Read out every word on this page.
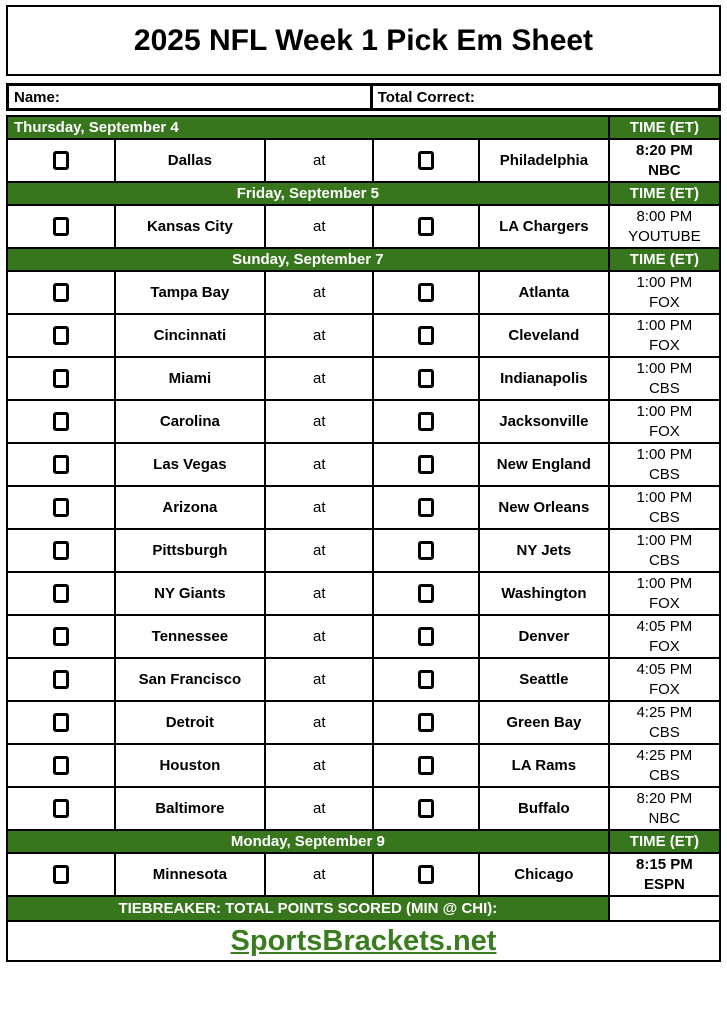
2025 NFL Week 1 Pick Em Sheet
Name:	Total Correct:
Thursday, September 4					TIME (ET)
	Dallas	at		Philadelphia	8:20 PM
NBC

Friday, September 5					TIME (ET)
	Kansas City	at		LA Chargers	8:00 PM
YOUTUBE

Sunday, September 7					TIME (ET)
	Tampa Bay	at		Atlanta	1:00 PM
FOX

	Cincinnati	at		Cleveland	1:00 PM
FOX

	Miami	at		Indianapolis	1:00 PM
CBS

	Carolina	at		Jacksonville	1:00 PM
FOX

	Las Vegas	at		New England	1:00 PM
CBS

	Arizona	at		New Orleans	1:00 PM
CBS

	Pittsburgh	at		NY Jets	1:00 PM
CBS

	NY Giants	at		Washington	1:00 PM
FOX

	Tennessee	at		Denver	4:05 PM
FOX

	San Francisco	at		Seattle	4:05 PM
FOX

	Detroit	at		Green Bay	4:25 PM
CBS

	Houston	at		LA Rams	4:25 PM
CBS

	Baltimore	at		Buffalo	8:20 PM
NBC

Monday, September 9					TIME (ET)
	Minnesota	at		Chicago	8:15 PM
ESPN

TIEBREAKER: TOTAL POINTS SCORED (MIN @ CHI):					
SportsBrackets.net					
